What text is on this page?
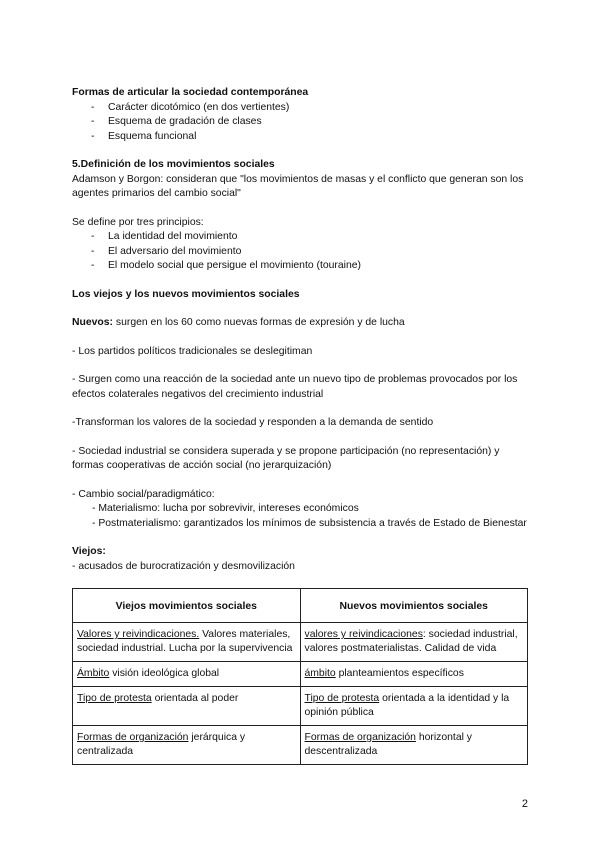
Formas de articular la sociedad contemporánea

- Carácter dicotómico (en dos vertientes)
- Esquema de gradación de clases
- Esquema funcional

5.Definición de los movimientos sociales

Adamson y Borgon: consideran que "los movimientos de masas y el conflicto que generan son los agentes primarios del cambio social"

Se define por tres principios:

- La identidad del movimiento
- El adversario del movimiento
- El modelo social que persigue el movimiento (touraine)

Los viejos y los nuevos movimientos sociales

Nuevos: surgen en los 60 como nuevas formas de expresión y de lucha

- Los partidos políticos tradicionales se deslegitiman

- Surgen como una reacción de la sociedad ante un nuevo tipo de problemas provocados por los efectos colaterales negativos del crecimiento industrial

-Transforman los valores de la sociedad y responden a la demanda de sentido

- Sociedad industrial se considera superada y se propone participación (no representación) y formas cooperativas de acción social (no jerarquización)

- Cambio social/paradigmático:

- Materialismo: lucha por sobrevivir, intereses económicos

- Postmaterialismo: garantizados los mínimos de subsistencia a través de Estado de Bienestar

Viejos:

- acusados de burocratización y desmovilización

Viejos movimientos sociales	Nuevos movimientos sociales
Valores y reivindicaciones. Valores materiales, sociedad industrial. Lucha por la supervivencia	valores y reivindicaciones: sociedad industrial, valores postmaterialistas. Calidad de vida
Ámbito visión ideológica global	ámbito planteamientos específicos
Tipo de protesta orientada al poder	Tipo de protesta orientada a la identidad y la opinión pública
Formas de organización jerárquica y centralizada	Formas de organización horizontal y descentralizada
2
